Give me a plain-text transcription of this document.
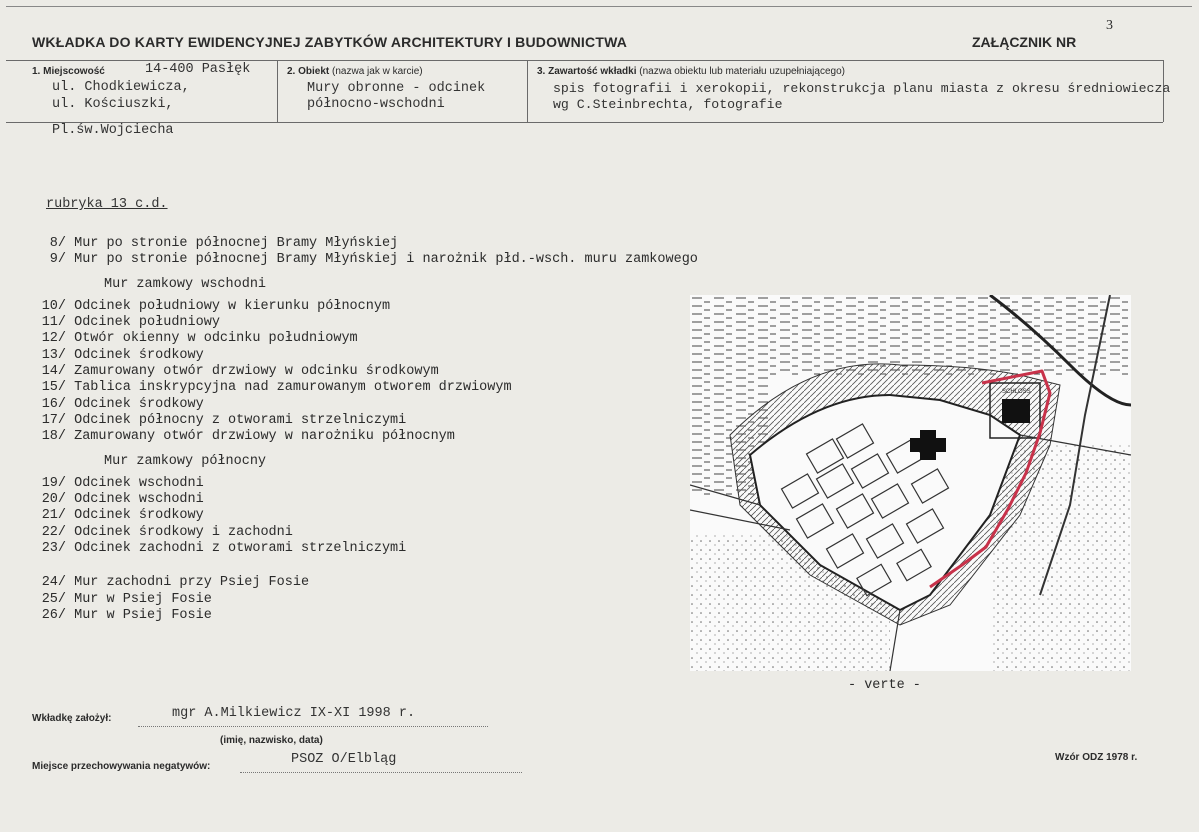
WKŁADKA DO KARTY EWIDENCYJNEJ ZABYTKÓW ARCHITEKTURY I BUDOWNICTWA	ZAŁĄCZNIK NR
3
1. Miejscowość	14-400 Pasłęk
ul. Chodkiewicza,
ul. Kościuszki,
Pl.św.Wojciecha
2. Obiekt (nazwa jak w karcie)
Mury obronne - odcinek
północno-wschodni
3. Zawartość wkładki (nazwa obiektu lub materiału uzupełniającego)
spis fotografii i xerokopii, rekonstrukcja planu miasta z okresu średniowiecza
wg C.Steinbrechta, fotografie
rubryka 13 c.d.
8/ Mur po stronie północnej Bramy Młyńskiej
9/ Mur po stronie północnej Bramy Młyńskiej i narożnik płd.-wsch. muru zamkowego
Mur zamkowy wschodni
10/ Odcinek południowy w kierunku północnym
11/ Odcinek południowy
12/ Otwór okienny w odcinku południowym
13/ Odcinek środkowy
14/ Zamurowany otwór drzwiowy w odcinku środkowym
15/ Tablica inskrypcyjna nad zamurowanym otworem drzwiowym
16/ Odcinek środkowy
17/ Odcinek północny z otworami strzelniczymi
18/ Zamurowany otwór drzwiowy w narożniku północnym
Mur zamkowy północny
19/ Odcinek wschodni
20/ Odcinek wschodni
21/ Odcinek środkowy
22/ Odcinek środkowy i zachodni
23/ Odcinek zachodni z otworami strzelniczymi
24/ Mur zachodni przy Psiej Fosie
25/ Mur w Psiej Fosie
26/ Mur w Psiej Fosie
SCHLOSS
- verte -
Wkładkę założył:	mgr A.Milkiewicz IX-XI 1998 r.
(imię, nazwisko, data)
Miejsce przechowywania negatywów:	PSOZ O/Elbląg	Wzór ODZ 1978 r.
